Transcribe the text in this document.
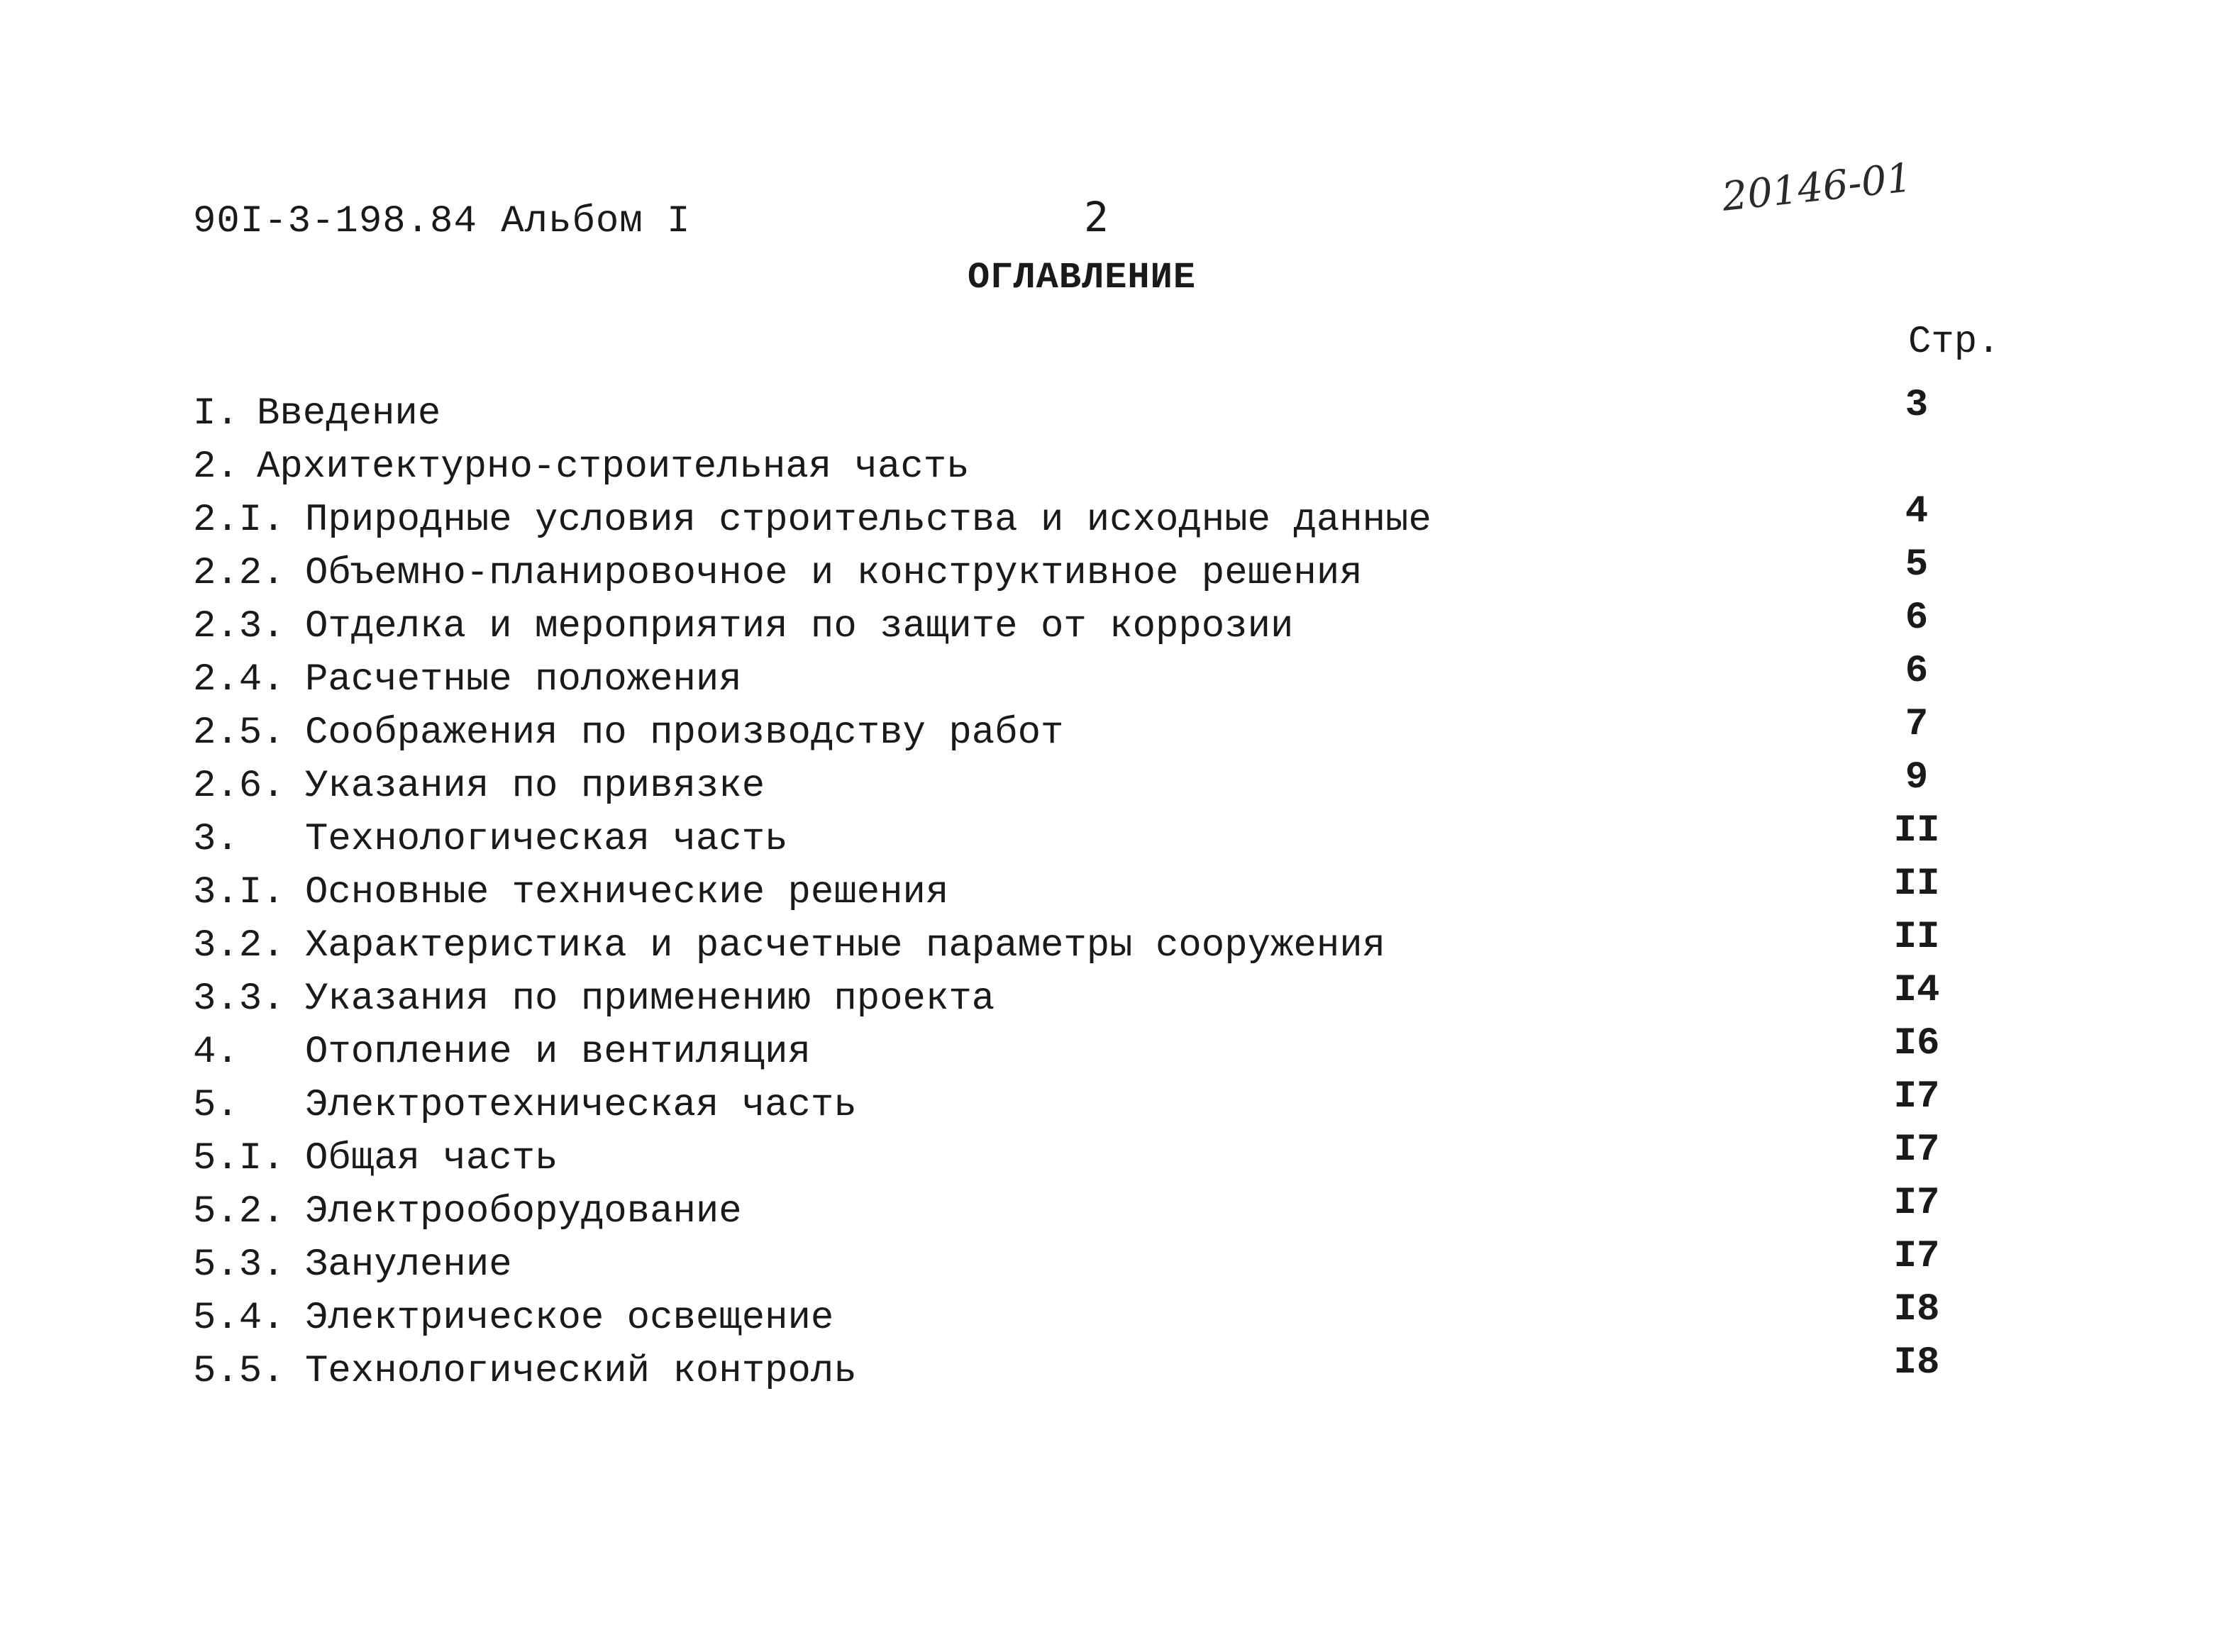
90I-3-198.84 Альбом I	2	20146-01
ОГЛАВЛЕНИЕ
Стр.
I. Введение	3
2. Архитектурно-строительная часть
2.I. Природные условия строительства и исходные данные	4
2.2. Объемно-планировочное и конструктивное решения	5
2.3. Отделка и мероприятия по защите от коррозии	6
2.4. Расчетные положения	6
2.5. Соображения по производству работ	7
2.6. Указания по привязке	9
3. Технологическая часть	II
3.I. Основные технические решения	II
3.2. Характеристика и расчетные параметры сооружения	II
3.3. Указания по применению проекта	I4
4. Отопление и вентиляция	I6
5. Электротехническая часть	I7
5.I. Общая часть	I7
5.2. Электрооборудование	I7
5.3. Зануление	I7
5.4. Электрическое освещение	I8
5.5. Технологический контроль	I8
